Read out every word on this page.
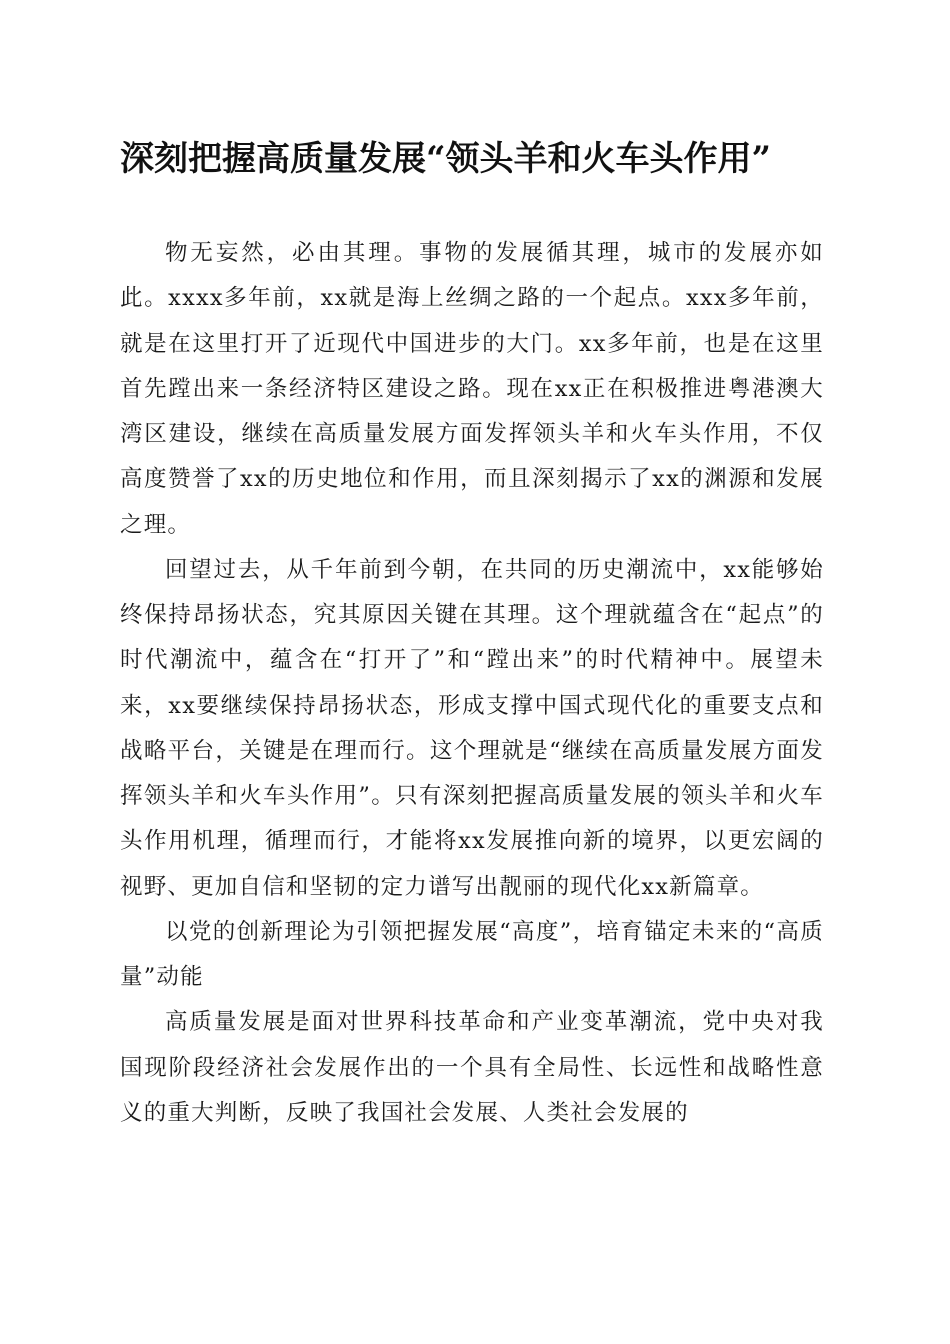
深刻把握高质量发展“领头羊和火车头作用”

物无妄然，必由其理。事物的发展循其理，城市的发展亦如此。xxxx多年前，xx就是海上丝绸之路的一个起点。xxx多年前，就是在这里打开了近现代中国进步的大门。xx多年前，也是在这里首先蹚出来一条经济特区建设之路。现在xx正在积极推进粤港澳大湾区建设，继续在高质量发展方面发挥领头羊和火车头作用，不仅高度赞誉了xx的历史地位和作用，而且深刻揭示了xx的渊源和发展之理。

回望过去，从千年前到今朝，在共同的历史潮流中，xx能够始终保持昂扬状态，究其原因关键在其理。这个理就蕴含在“起点”的时代潮流中，蕴含在“打开了”和“蹚出来”的时代精神中。展望未来，xx要继续保持昂扬状态，形成支撑中国式现代化的重要支点和战略平台，关键是在理而行。这个理就是“继续在高质量发展方面发挥领头羊和火车头作用”。只有深刻把握高质量发展的领头羊和火车头作用机理，循理而行，才能将xx发展推向新的境界，以更宏阔的视野、更加自信和坚韧的定力谱写出靓丽的现代化xx新篇章。

以党的创新理论为引领把握发展“高度”，培育锚定未来的“高质量”动能

高质量发展是面对世界科技革命和产业变革潮流，党中央对我国现阶段经济社会发展作出的一个具有全局性、长远性和战略性意义的重大判断，反映了我国社会发展、人类社会发展的
